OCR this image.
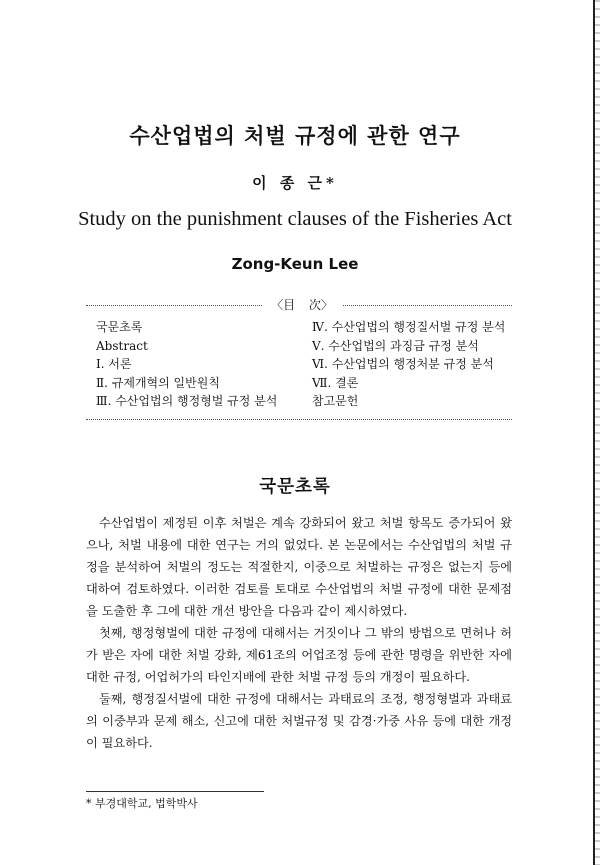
수산업법의 처벌 규정에 관한 연구
이 종 근*
Study on the punishment clauses of the Fisheries Act
Zong-Keun Lee
〈目 次〉
국문초록
Abstract
Ⅰ. 서론
Ⅱ. 규제개혁의 일반원칙
Ⅲ. 수산업법의 행정형벌 규정 분석
Ⅳ. 수산업법의 행정질서벌 규정 분석
Ⅴ. 수산업법의 과징금 규정 분석
Ⅵ. 수산업법의 행정처분 규정 분석
Ⅶ. 결론
참고문헌
국문초록

수산업법이 제정된 이후 처벌은 계속 강화되어 왔고 처벌 항목도 증가되어 왔으나, 처벌 내용에 대한 연구는 거의 없었다. 본 논문에서는 수산업법의 처벌 규정을 분석하여 처벌의 정도는 적절한지, 이중으로 처벌하는 규정은 없는지 등에 대하여 검토하였다. 이러한 검토를 토대로 수산업법의 처벌 규정에 대한 문제점을 도출한 후 그에 대한 개선 방안을 다음과 같이 제시하였다.

첫째, 행정형벌에 대한 규정에 대해서는 거짓이나 그 밖의 방법으로 면허나 허가 받은 자에 대한 처벌 강화, 제61조의 어업조정 등에 관한 명령을 위반한 자에 대한 규정, 어업허가의 타인지배에 관한 처벌 규정 등의 개정이 필요하다.

둘째, 행정질서벌에 대한 규정에 대해서는 과태료의 조정, 행정형벌과 과태료의 이중부과 문제 해소, 신고에 대한 처벌규정 및 감경·가중 사유 등에 대한 개정이 필요하다.

* 부경대학교, 법학박사
